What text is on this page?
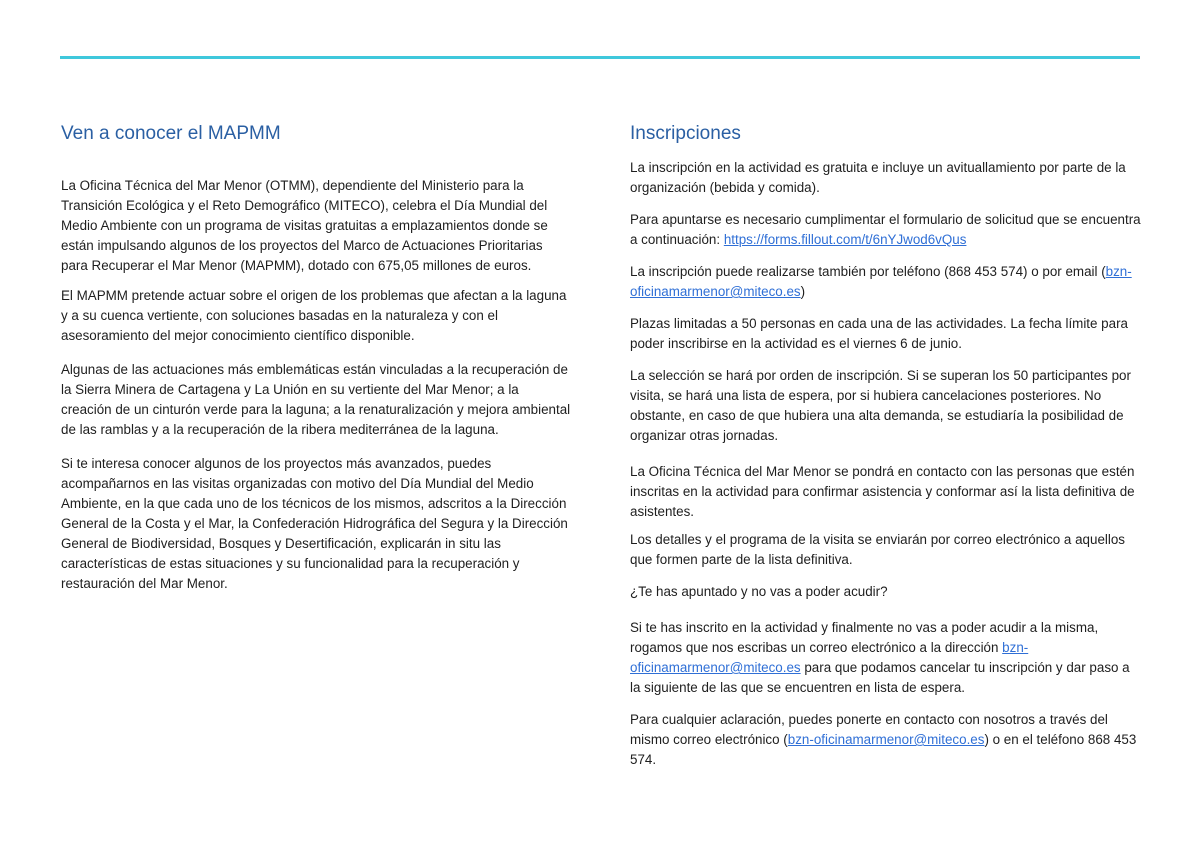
Ven a conocer el MAPMM

La Oficina Técnica del Mar Menor (OTMM), dependiente del Ministerio para la Transición Ecológica y el Reto Demográfico (MITECO), celebra el Día Mundial del Medio Ambiente con un programa de visitas gratuitas a emplazamientos donde se están impulsando algunos de los proyectos del Marco de Actuaciones Prioritarias para Recuperar el Mar Menor (MAPMM), dotado con 675,05 millones de euros.

El MAPMM pretende actuar sobre el origen de los problemas que afectan a la laguna y a su cuenca vertiente, con soluciones basadas en la naturaleza y con el asesoramiento del mejor conocimiento científico disponible.

Algunas de las actuaciones más emblemáticas están vinculadas a la recuperación de la Sierra Minera de Cartagena y La Unión en su vertiente del Mar Menor; a la creación de un cinturón verde para la laguna; a la renaturalización y mejora ambiental de las ramblas y a la recuperación de la ribera mediterránea de la laguna.

Si te interesa conocer algunos de los proyectos más avanzados, puedes acompañarnos en las visitas organizadas con motivo del Día Mundial del Medio Ambiente, en la que cada uno de los técnicos de los mismos, adscritos a la Dirección General de la Costa y el Mar, la Confederación Hidrográfica del Segura y la Dirección General de Biodiversidad, Bosques y Desertificación, explicarán in situ las características de estas situaciones y su funcionalidad para la recuperación y restauración del Mar Menor.

Inscripciones

La inscripción en la actividad es gratuita e incluye un avituallamiento por parte de la organización (bebida y comida).

Para apuntarse es necesario cumplimentar el formulario de solicitud que se encuentra a continuación: https://forms.fillout.com/t/6nYJwod6vQus

La inscripción puede realizarse también por teléfono (868 453 574) o por email (bzn-oficinamarmenor@miteco.es)

Plazas limitadas a 50 personas en cada una de las actividades. La fecha límite para poder inscribirse en la actividad es el viernes 6 de junio.

La selección se hará por orden de inscripción. Si se superan los 50 participantes por visita, se hará una lista de espera, por si hubiera cancelaciones posteriores. No obstante, en caso de que hubiera una alta demanda, se estudiaría la posibilidad de organizar otras jornadas.

La Oficina Técnica del Mar Menor se pondrá en contacto con las personas que estén inscritas en la actividad para confirmar asistencia y conformar así la lista definitiva de asistentes.

Los detalles y el programa de la visita se enviarán por correo electrónico a aquellos que formen parte de la lista definitiva.

¿Te has apuntado y no vas a poder acudir?

Si te has inscrito en la actividad y finalmente no vas a poder acudir a la misma, rogamos que nos escribas un correo electrónico a la dirección bzn-oficinamarmenor@miteco.es para que podamos cancelar tu inscripción y dar paso a la siguiente de las que se encuentren en lista de espera.

Para cualquier aclaración, puedes ponerte en contacto con nosotros a través del mismo correo electrónico (bzn-oficinamarmenor@miteco.es) o en el teléfono 868 453 574.
